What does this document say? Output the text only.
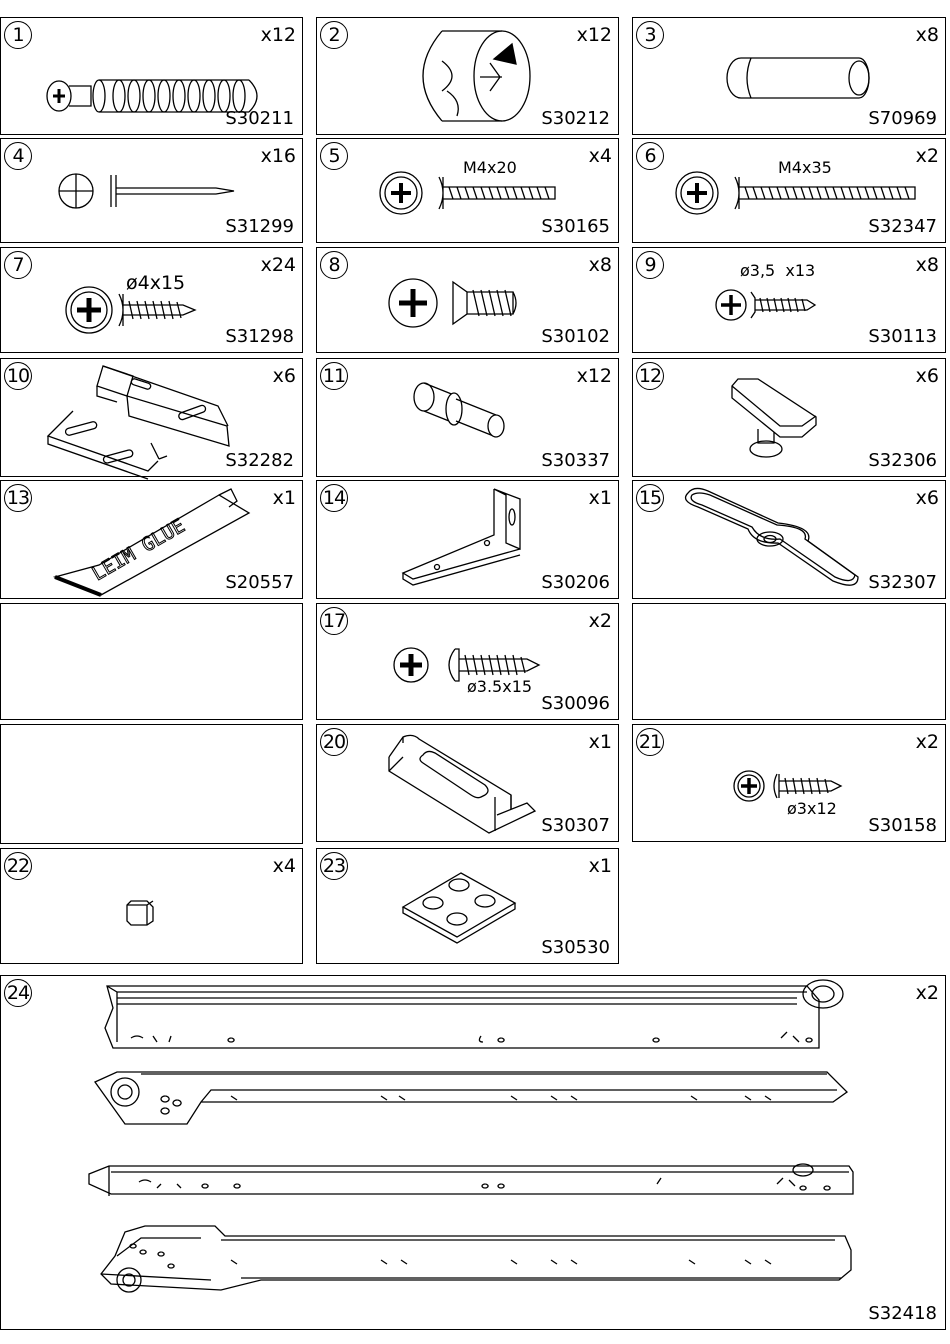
1	x12
S30211
2	x12
S30212
3	x8
S70969
4	x16
S31299
5	x4
S30165
M4x20
6	x2
S32347
M4x35
7	x24
S31298
ø4x15
8	x8
S30102
9	x8
S30113
ø3,5  x13
10	x6
S32282
11	x12
S30337
12	x6
S32306
13	x1
S20557
LEIM GLUE
14	x1
S30206
15	x6
S32307
17	x2
S30096
ø3.5x15
20	x1
S30307
21	x2
S30158
ø3x12
22	x4 23	x1
S30530
24	x2
S32418
